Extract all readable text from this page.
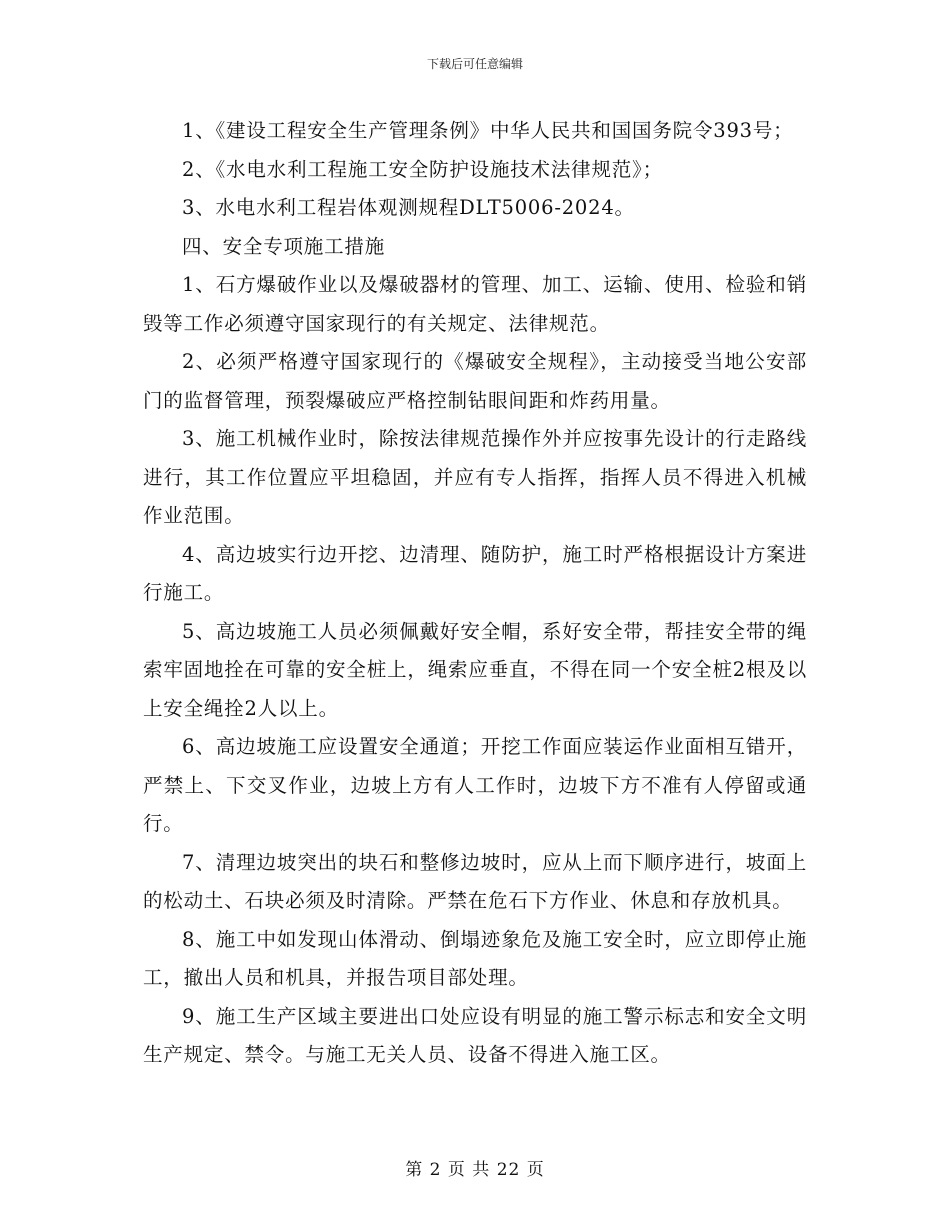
下载后可任意编辑

1、《建设工程安全生产管理条例》中华人民共和国国务院令393号；

2、《水电水利工程施工安全防护设施技术法律规范》；

3、水电水利工程岩体观测规程DLT5006-2024。

四、安全专项施工措施

1、石方爆破作业以及爆破器材的管理、加工、运输、使用、检验和销毁等工作必须遵守国家现行的有关规定、法律规范。

2、必须严格遵守国家现行的《爆破安全规程》，主动接受当地公安部门的监督管理，预裂爆破应严格控制钻眼间距和炸药用量。

3、施工机械作业时，除按法律规范操作外并应按事先设计的行走路线进行，其工作位置应平坦稳固，并应有专人指挥，指挥人员不得进入机械作业范围。

4、高边坡实行边开挖、边清理、随防护，施工时严格根据设计方案进行施工。

5、高边坡施工人员必须佩戴好安全帽，系好安全带，帮挂安全带的绳索牢固地拴在可靠的安全桩上，绳索应垂直，不得在同一个安全桩2根及以上安全绳拴2人以上。

6、高边坡施工应设置安全通道；开挖工作面应装运作业面相互错开，严禁上、下交叉作业，边坡上方有人工作时，边坡下方不准有人停留或通行。

7、清理边坡突出的块石和整修边坡时，应从上而下顺序进行，坡面上的松动土、石块必须及时清除。严禁在危石下方作业、休息和存放机具。

8、施工中如发现山体滑动、倒塌迹象危及施工安全时，应立即停止施工，撤出人员和机具，并报告项目部处理。

9、施工生产区域主要进出口处应设有明显的施工警示标志和安全文明生产规定、禁令。与施工无关人员、设备不得进入施工区。

第 2 页 共 22 页
